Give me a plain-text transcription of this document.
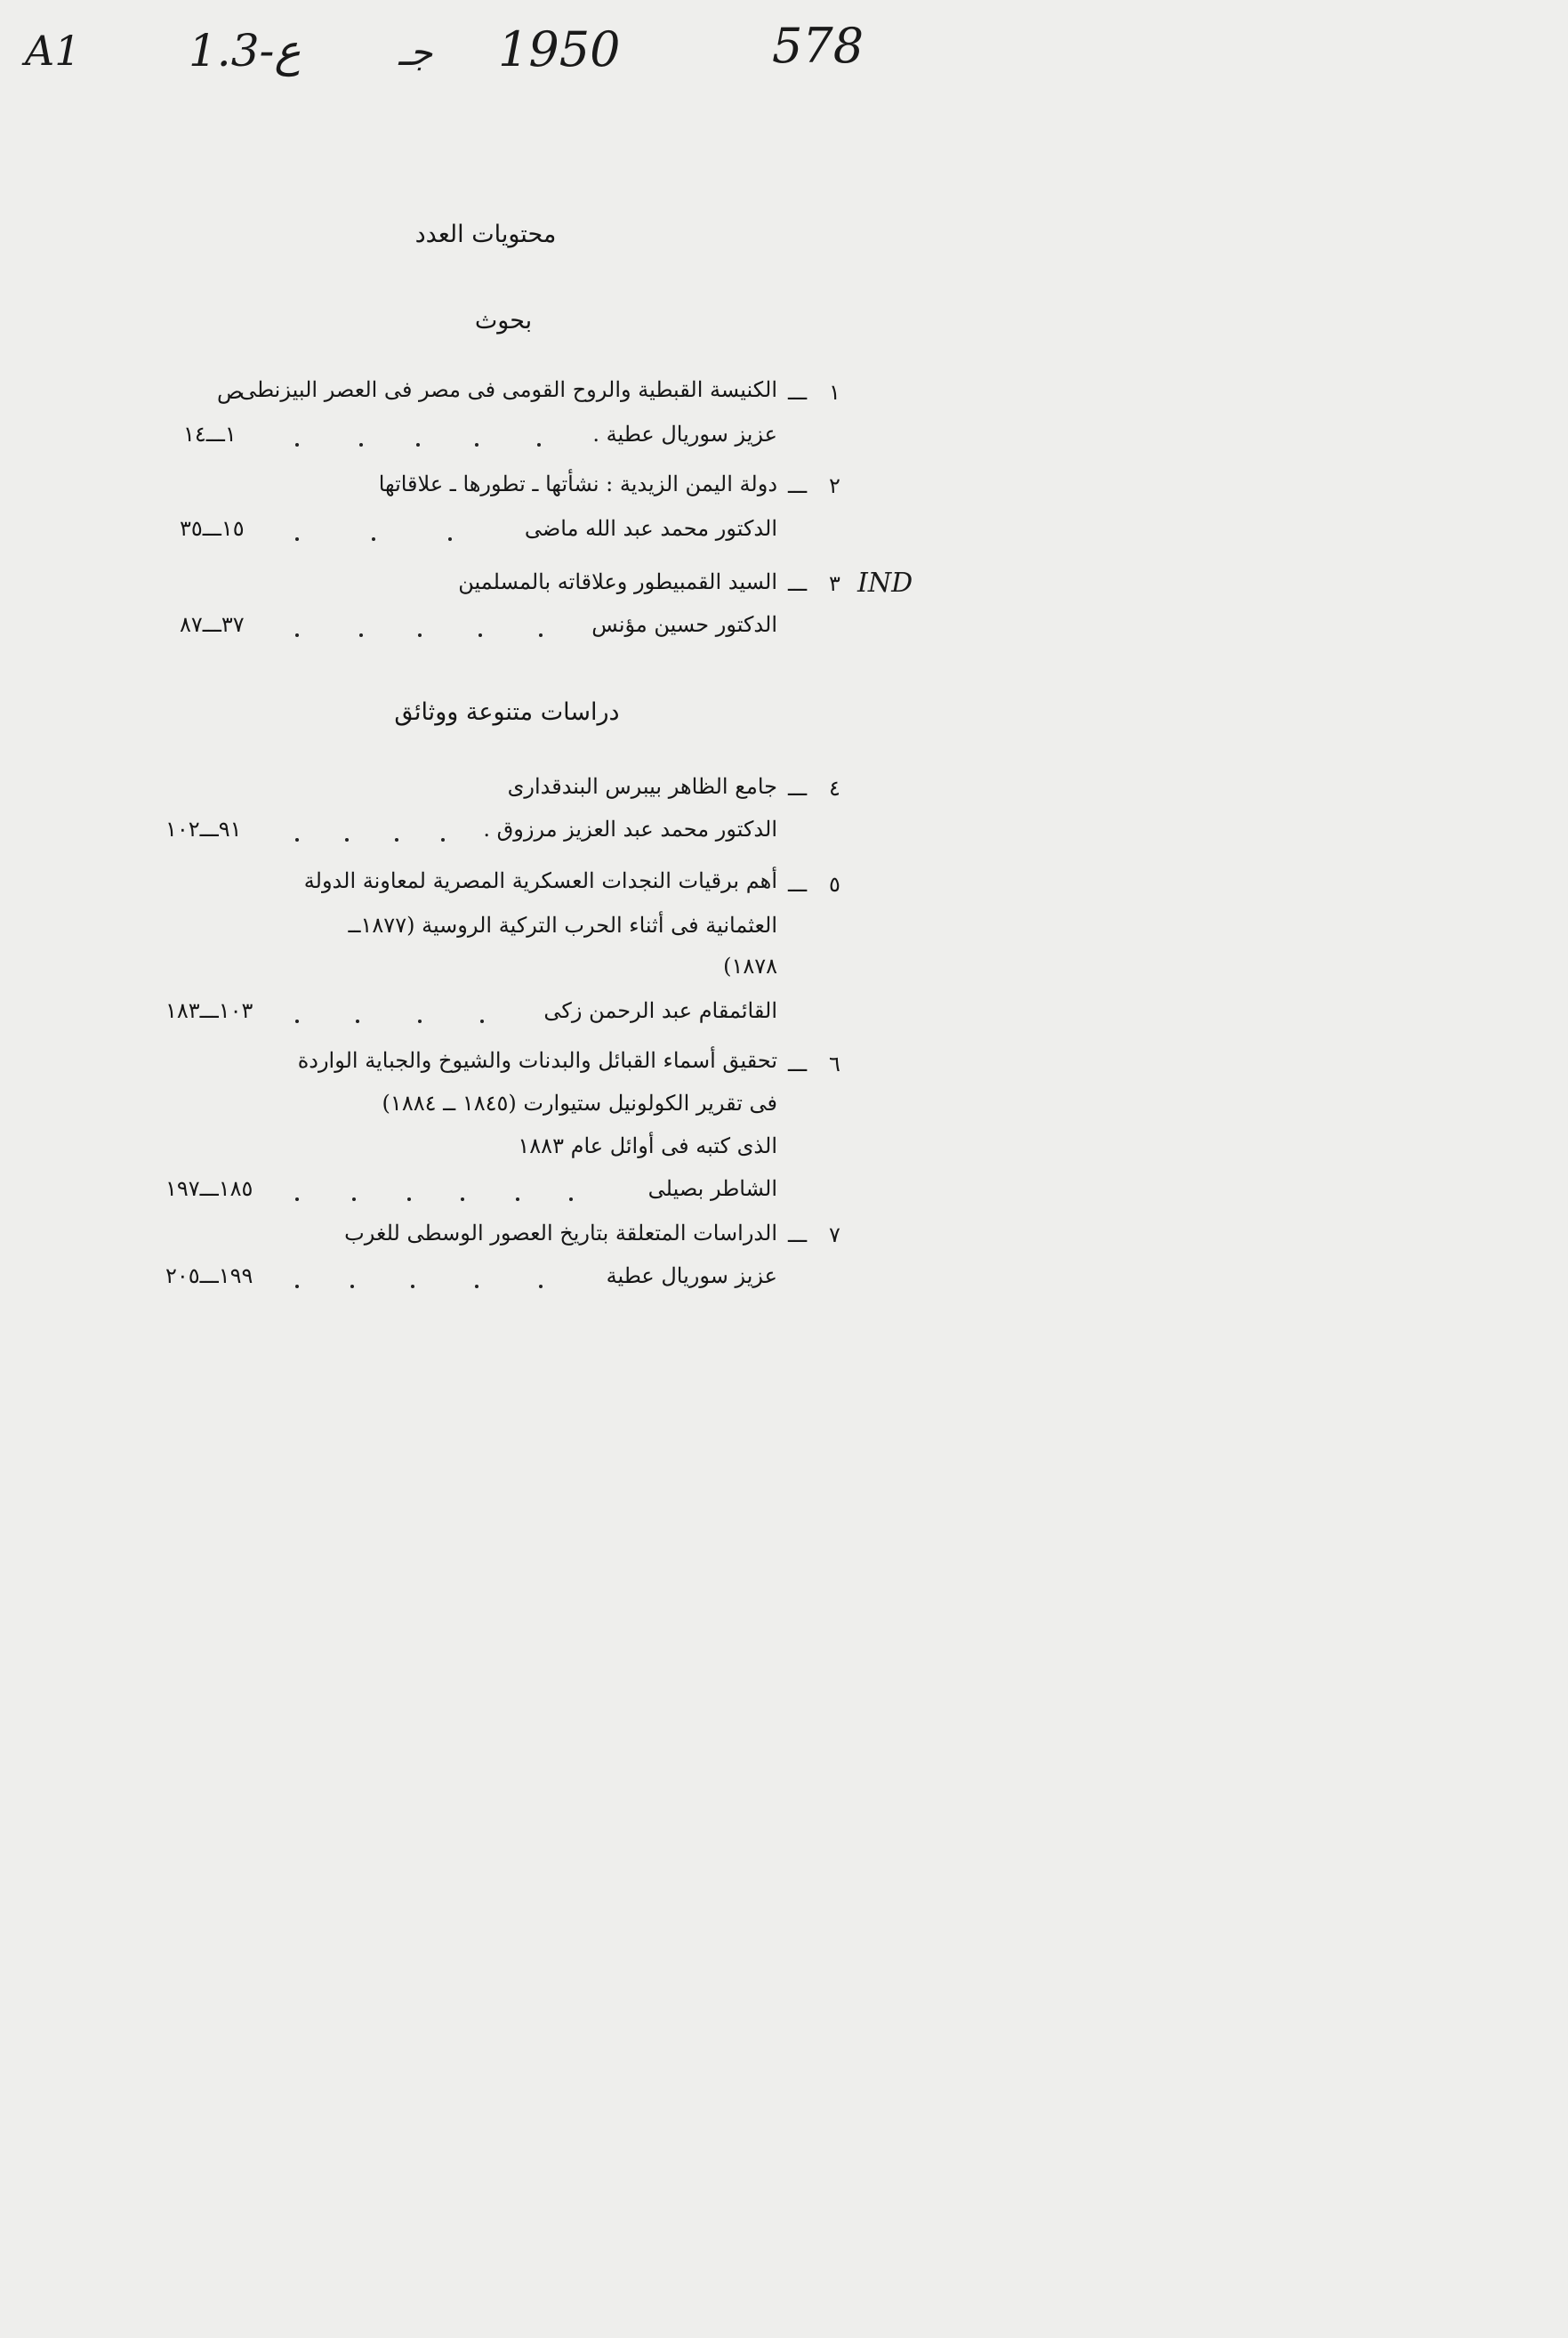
A1 1.ع-3	جـ 1950	578
محتويات العدد
بحوث
١
ـــ
الكنيسة القبطية والروح القومى فى مصر فى العصر البيزنطى
ص
عزيز سوريال عطية .
١ـــ١٤
٢
ـــ
دولة اليمن الزيدية : نشأتها ـ تطورها ـ علاقاتها
الدكتور محمد عبد الله ماضى
١٥ـــ٣٥
٣ IND
ـــ
السيد القمبيطور وعلاقاته بالمسلمين
الدكتور حسين مؤنس
٣٧ـــ٨٧
دراسات متنوعة ووثائق
٤
ـــ
جامع الظاهر بيبرس البندقدارى
الدكتور محمد عبد العزيز مرزوق .
٩١ـــ١٠٢
٥
ـــ
أهم برقيات النجدات العسكرية المصرية لمعاونة الدولة
العثمانية فى أثناء الحرب التركية الروسية (١٨٧٧ــ
١٨٧٨)
القائمقام عبد الرحمن زكى
١٠٣ـــ١٨٣
٦
ـــ
تحقيق أسماء القبائل والبدنات والشيوخ والجباية الواردة
فى تقرير الكولونيل ستيوارت (١٨٤٥ ــ ١٨٨٤)
الذى كتبه فى أوائل عام ١٨٨٣
الشاطر بصيلى
١٨٥ـــ١٩٧
٧
ـــ
الدراسات المتعلقة بتاريخ العصور الوسطى للغرب
عزيز سوريال عطية
١٩٩ـــ٢٠٥
